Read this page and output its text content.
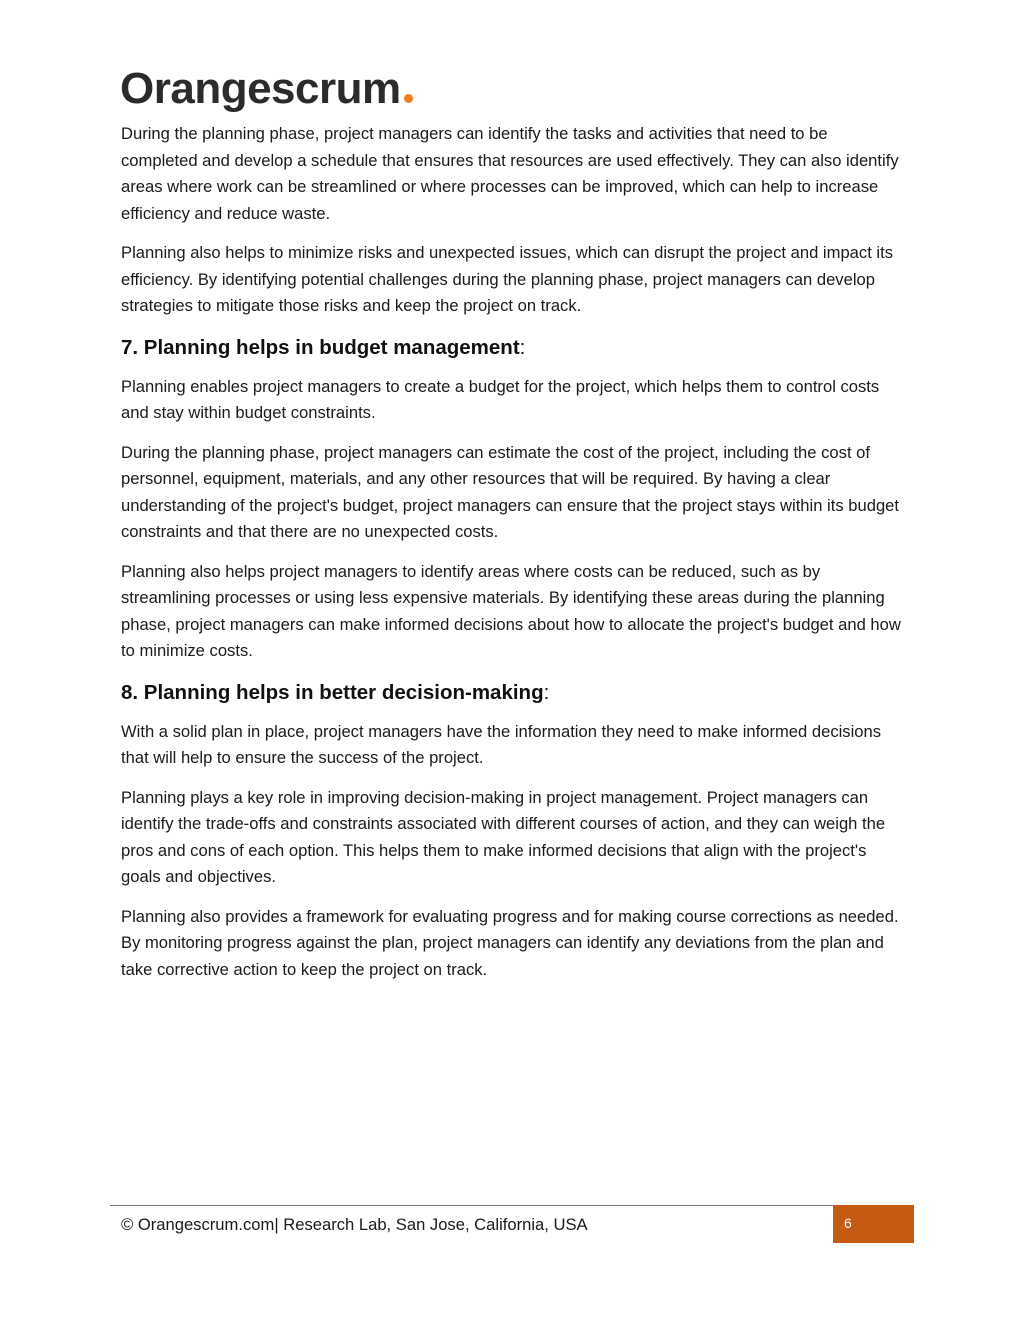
Orangescrum

During the planning phase, project managers can identify the tasks and activities that need to be completed and develop a schedule that ensures that resources are used effectively. They can also identify areas where work can be streamlined or where processes can be improved, which can help to increase efficiency and reduce waste.

Planning also helps to minimize risks and unexpected issues, which can disrupt the project and impact its efficiency. By identifying potential challenges during the planning phase, project managers can develop strategies to mitigate those risks and keep the project on track.

7. Planning helps in budget management:

Planning enables project managers to create a budget for the project, which helps them to control costs and stay within budget constraints.

During the planning phase, project managers can estimate the cost of the project, including the cost of personnel, equipment, materials, and any other resources that will be required. By having a clear understanding of the project's budget, project managers can ensure that the project stays within its budget constraints and that there are no unexpected costs.

Planning also helps project managers to identify areas where costs can be reduced, such as by streamlining processes or using less expensive materials. By identifying these areas during the planning phase, project managers can make informed decisions about how to allocate the project's budget and how to minimize costs.

8. Planning helps in better decision-making:

With a solid plan in place, project managers have the information they need to make informed decisions that will help to ensure the success of the project.

Planning plays a key role in improving decision-making in project management. Project managers can identify the trade-offs and constraints associated with different courses of action, and they can weigh the pros and cons of each option. This helps them to make informed decisions that align with the project's goals and objectives.

Planning also provides a framework for evaluating progress and for making course corrections as needed. By monitoring progress against the plan, project managers can identify any deviations from the plan and take corrective action to keep the project on track.

© Orangescrum.com| Research Lab, San Jose, California, USA	6
